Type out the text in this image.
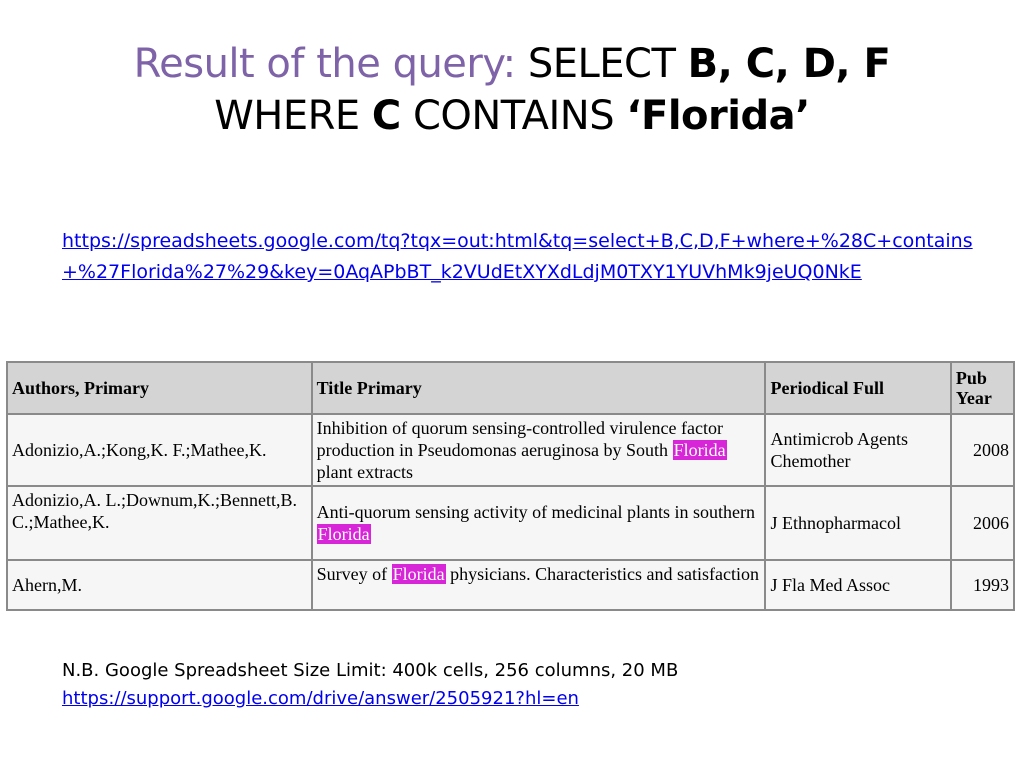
Result of the query: SELECT B, C, D, F
WHERE C CONTAINS ‘Florida’
https://spreadsheets.google.com/tq?tqx=out:html&tq=select+B,C,D,F+where+%28C+contains+%27Florida%27%29&key=0AqAPbBT_k2VUdEtXYXdLdjM0TXY1YUVhMk9jeUQ0NkE
Authors, Primary	Title Primary	Periodical Full	Pub Year
Adonizio,A.;Kong,K. F.;Mathee,K.	Inhibition of quorum sensing-controlled virulence factor production in Pseudomonas aeruginosa by South Florida plant extracts	Antimicrob Agents Chemother	2008
Adonizio,A. L.;Downum,K.;Bennett,B. C.;Mathee,K.	Anti-quorum sensing activity of medicinal plants in southern Florida	J Ethnopharmacol	2006
Ahern,M.	Survey of Florida physicians. Characteristics and satisfaction	J Fla Med Assoc	1993
N.B. Google Spreadsheet Size Limit: 400k cells, 256 columns, 20 MB
https://support.google.com/drive/answer/2505921?hl=en
